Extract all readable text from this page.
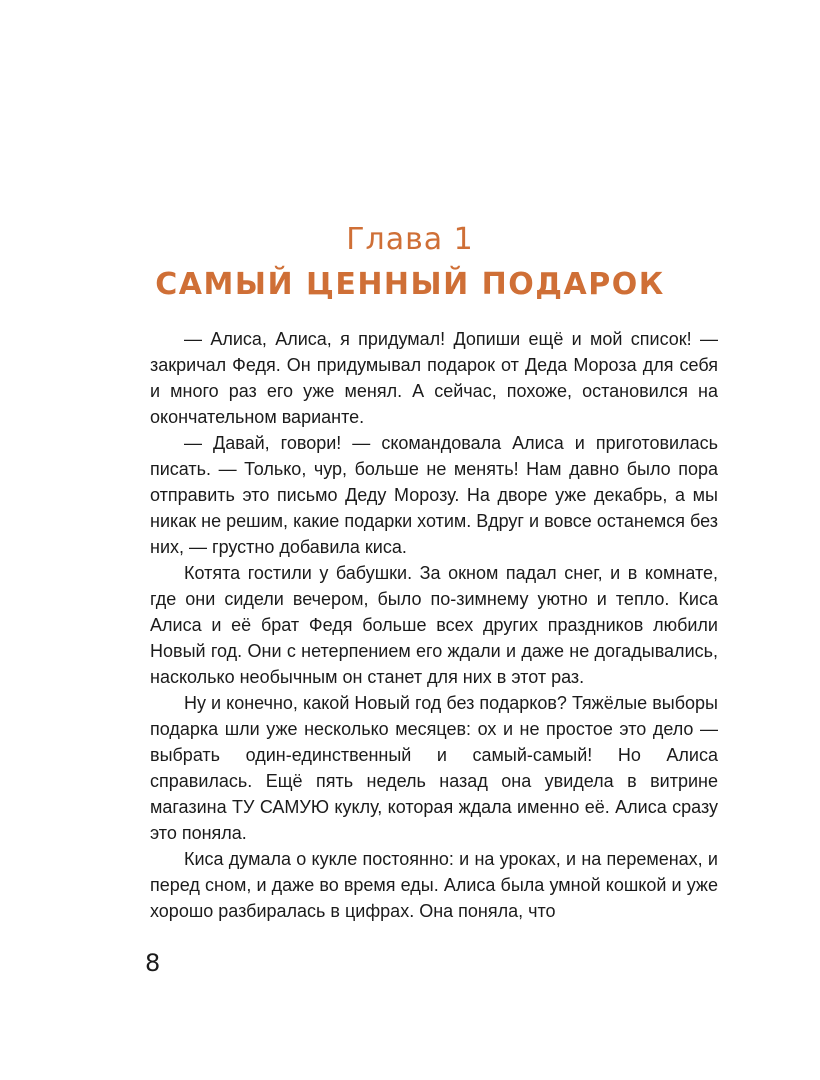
Глава 1
САМЫЙ ЦЕННЫЙ ПОДАРОК

— Алиса, Алиса, я придумал! Допиши ещё и мой список! — закричал Федя. Он придумывал подарок от Деда Мороза для себя и много раз его уже менял. А сейчас, похоже, остановился на окончательном варианте.

— Давай, говори! — скомандовала Алиса и приготовилась писать. — Только, чур, больше не менять! Нам давно было пора отправить это письмо Деду Морозу. На дворе уже декабрь, а мы никак не решим, какие подарки хотим. Вдруг и вовсе останемся без них, — грустно добавила киса.

Котята гостили у бабушки. За окном падал снег, и в комнате, где они сидели вечером, было по-зимнему уютно и тепло. Киса Алиса и её брат Федя больше всех других праздников любили Новый год. Они с нетерпением его ждали и даже не догадывались, насколько необычным он станет для них в этот раз.

Ну и конечно, какой Новый год без подарков? Тяжёлые выборы подарка шли уже несколько месяцев: ох и не простое это дело — выбрать один-единственный и самый-самый! Но Алиса справилась. Ещё пять недель назад она увидела в витрине магазина ТУ САМУЮ куклу, которая ждала именно её. Алиса сразу это поняла.

Киса думала о кукле постоянно: и на уроках, и на переменах, и перед сном, и даже во время еды. Алиса была умной кошкой и уже хорошо разбиралась в цифрах. Она поняла, что

8
